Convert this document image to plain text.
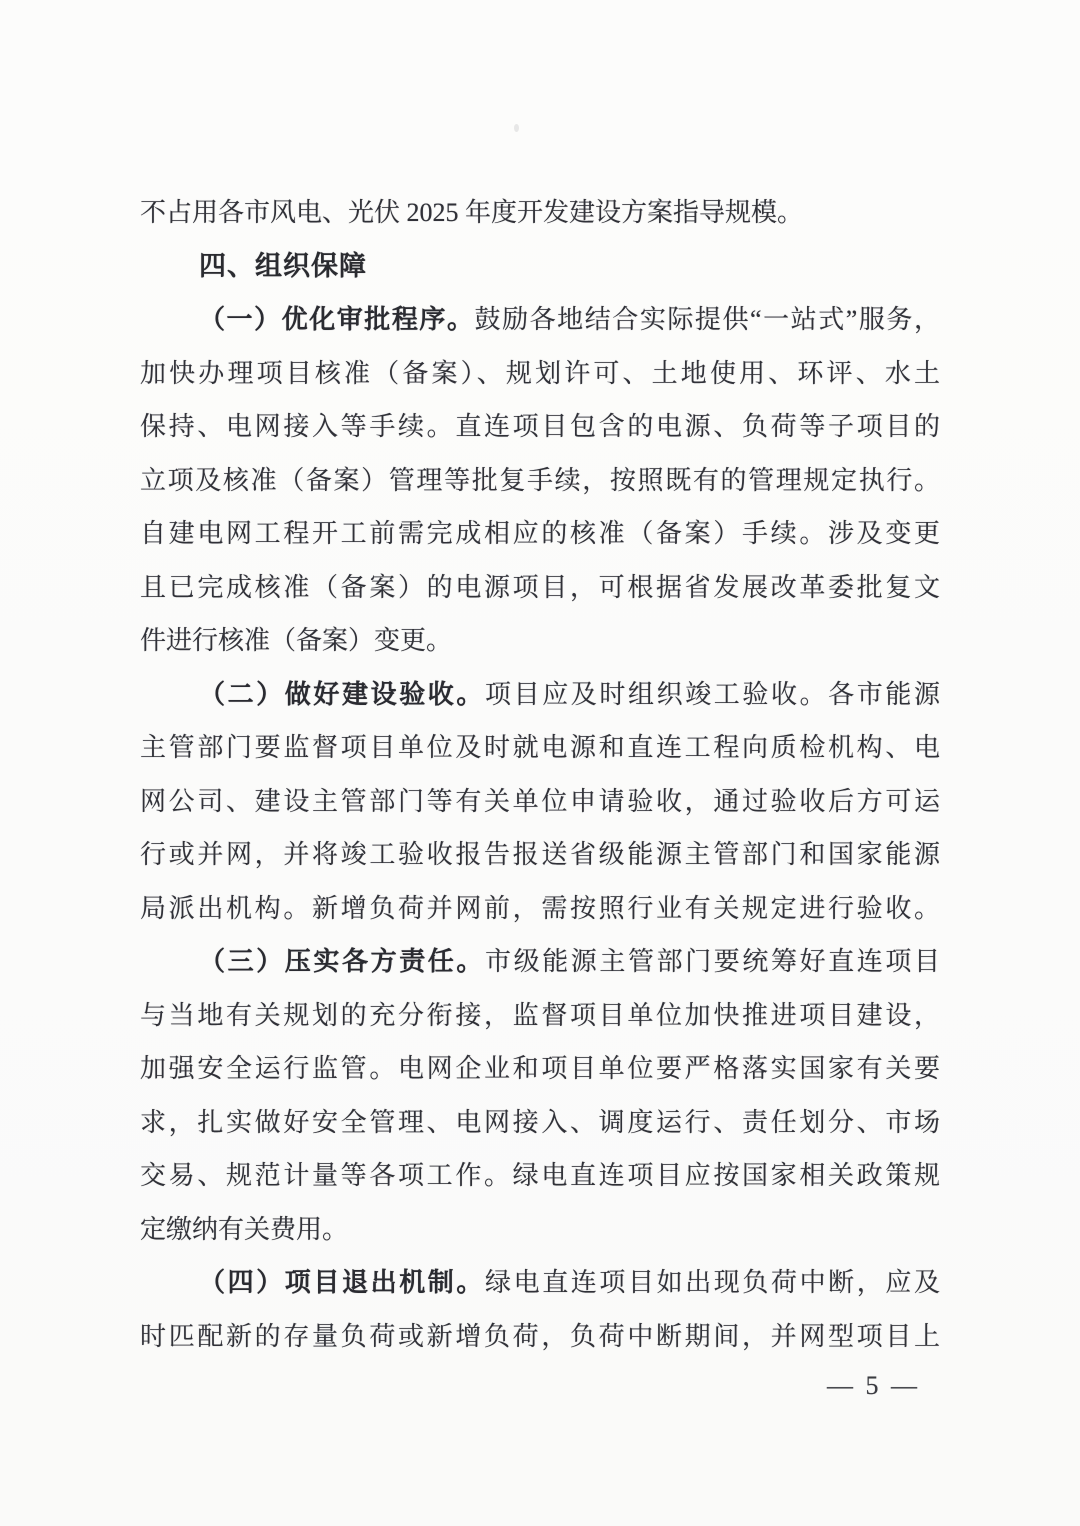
不占用各市风电、光伏 2025 年度开发建设方案指导规模。
四、组织保障
（一）优化审批程序。鼓励各地结合实际提供“一站式”服务，
加快办理项目核准（备案）、规划许可、土地使用、环评、水土
保持、电网接入等手续。直连项目包含的电源、负荷等子项目的
立项及核准（备案）管理等批复手续，按照既有的管理规定执行。
自建电网工程开工前需完成相应的核准（备案）手续。涉及变更
且已完成核准（备案）的电源项目，可根据省发展改革委批复文
件进行核准（备案）变更。
（二）做好建设验收。项目应及时组织竣工验收。各市能源
主管部门要监督项目单位及时就电源和直连工程向质检机构、电
网公司、建设主管部门等有关单位申请验收，通过验收后方可运
行或并网，并将竣工验收报告报送省级能源主管部门和国家能源
局派出机构。新增负荷并网前，需按照行业有关规定进行验收。
（三）压实各方责任。市级能源主管部门要统筹好直连项目
与当地有关规划的充分衔接，监督项目单位加快推进项目建设，
加强安全运行监管。电网企业和项目单位要严格落实国家有关要
求，扎实做好安全管理、电网接入、调度运行、责任划分、市场
交易、规范计量等各项工作。绿电直连项目应按国家相关政策规
定缴纳有关费用。
（四）项目退出机制。绿电直连项目如出现负荷中断，应及
时匹配新的存量负荷或新增负荷，负荷中断期间，并网型项目上
— 5 —
